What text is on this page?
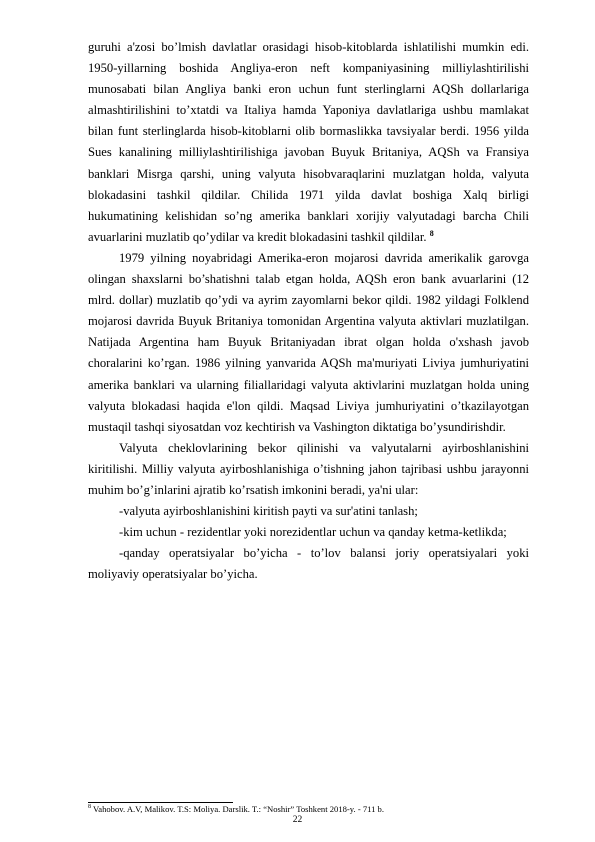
guruhi a'zosi bo’lmish davlatlar orasidagi hisob-kitoblarda ishlatilishi mumkin edi. 1950-yillarning boshida Angliya-eron neft kompaniyasining milliylashtirilishi munosabati bilan Angliya banki eron uchun funt sterlinglarni AQSh dollarlariga almashtirilishini to’xtatdi va Italiya hamda Yaponiya davlatlariga ushbu mamlakat bilan funt sterlinglarda hisob-kitoblarni olib bormaslikka tavsiyalar berdi. 1956 yilda Sues kanalining milliylashtirilishiga javoban Buyuk Britaniya, AQSh va Fransiya banklari Misrga qarshi, uning valyuta hisobvaraqlarini muzlatgan holda, valyuta blokadasini tashkil qildilar. Chilida 1971 yilda davlat boshiga Xalq birligi hukumatining kelishidan so’ng amerika banklari xorijiy valyutadagi barcha Chili avuarlarini muzlatib qo’ydilar va kredit blokadasini tashkil qildilar. $^8$

1979 yilning noyabridagi Amerika-eron mojarosi davrida amerikalik garovga olingan shaxslarni bo’shatishni talab etgan holda, AQSh eron bank avuarlarini (12 mlrd. dollar) muzlatib qo’ydi va ayrim zayomlarni bekor qildi. 1982 yildagi Folklend mojarosi davrida Buyuk Britaniya tomonidan Argentina valyuta aktivlari muzlatilgan. Natijada Argentina ham Buyuk Britaniyadan ibrat olgan holda o'xshash javob choralarini ko’rgan. 1986 yilning yanvarida AQSh ma'muriyati Liviya jumhuriyatini amerika banklari va ularning filiallaridagi valyuta aktivlarini muzlatgan holda uning valyuta blokadasi haqida e'lon qildi. Maqsad Liviya jumhuriyatini o’tkazilayotgan mustaqil tashqi siyosatdan voz kechtirish va Vashington diktatiga bo’ysundirishdir.

Valyuta cheklovlarining bekor qilinishi va valyutalarni ayirboshlanishini kiritilishi. Milliy valyuta ayirboshlanishiga o’tishning jahon tajribasi ushbu jarayonni muhim bo’g’inlarini ajratib ko’rsatish imkonini beradi, ya'ni ular:

-valyuta ayirboshlanishini kiritish payti va sur'atini tanlash;

-kim uchun - rezidentlar yoki norezidentlar uchun va qanday ketma-ketlikda;

-qanday operatsiyalar bo’yicha - to’lov balansi joriy operatsiyalari yoki moliyaviy operatsiyalar bo’yicha.

$^8$ Vahobov. A.V, Malikov. T.S: Moliya. Darslik. T.: “Noshir” Toshkent 2018-y. - 711 b.
22
